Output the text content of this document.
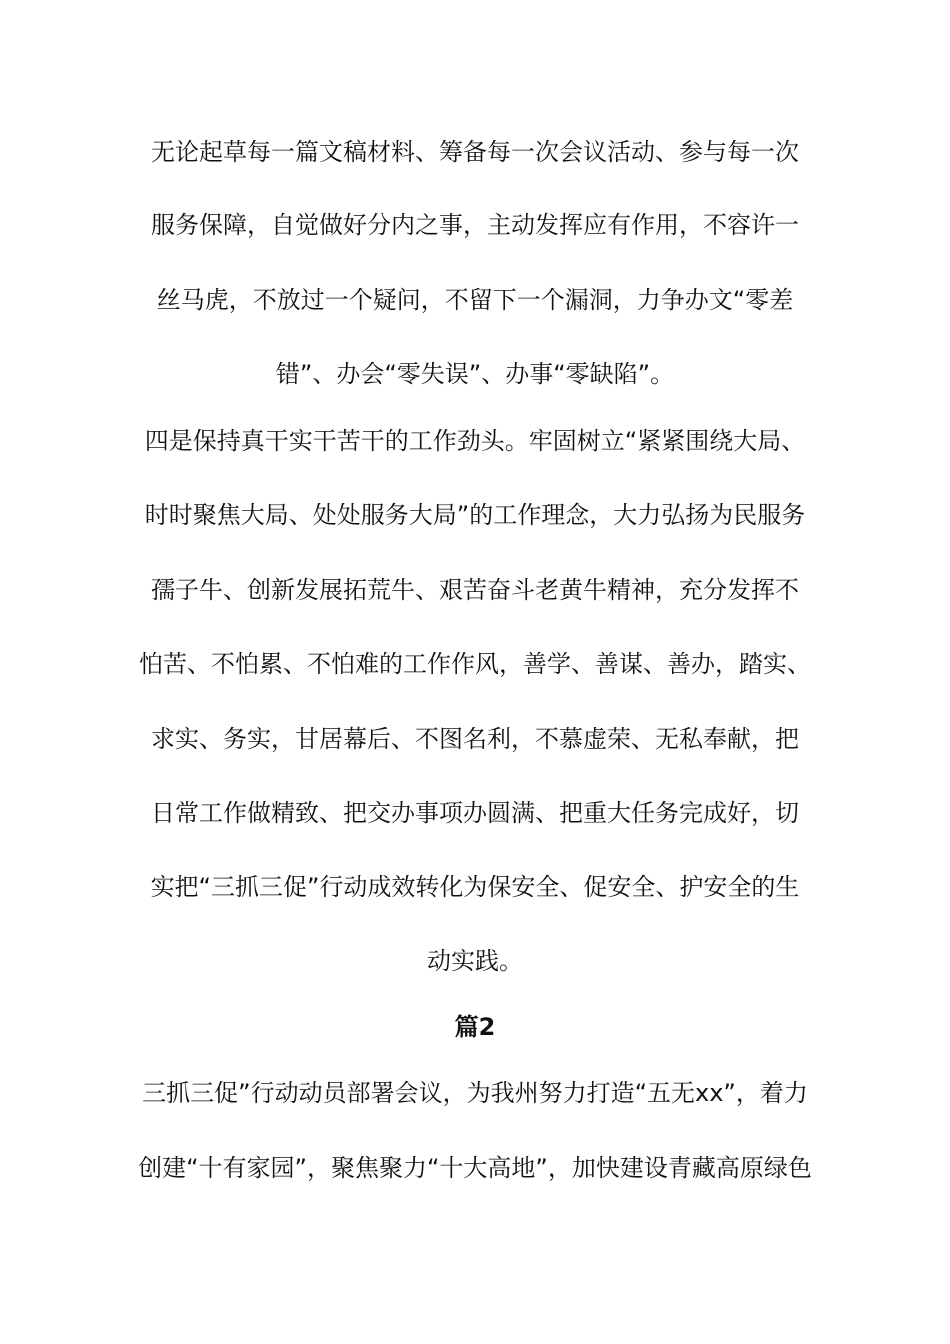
无论起草每一篇文稿材料、筹备每一次会议活动、参与每一次
服务保障，自觉做好分内之事，主动发挥应有作用，不容许一
丝马虎，不放过一个疑问，不留下一个漏洞，力争办文“零差
错”、办会“零失误”、办事“零缺陷”。
四是保持真干实干苦干的工作劲头。牢固树立“紧紧围绕大局、
时时聚焦大局、处处服务大局”的工作理念，大力弘扬为民服务
孺子牛、创新发展拓荒牛、艰苦奋斗老黄牛精神，充分发挥不
怕苦、不怕累、不怕难的工作作风，善学、善谋、善办，踏实、
求实、务实，甘居幕后、不图名利，不慕虚荣、无私奉献，把
日常工作做精致、把交办事项办圆满、把重大任务完成好，切
实把“三抓三促”行动成效转化为保安全、促安全、护安全的生
动实践。
篇2
三抓三促”行动动员部署会议，为我州努力打造“五无xx”，着力
创建“十有家园”，聚焦聚力“十大高地”，加快建设青藏高原绿色
